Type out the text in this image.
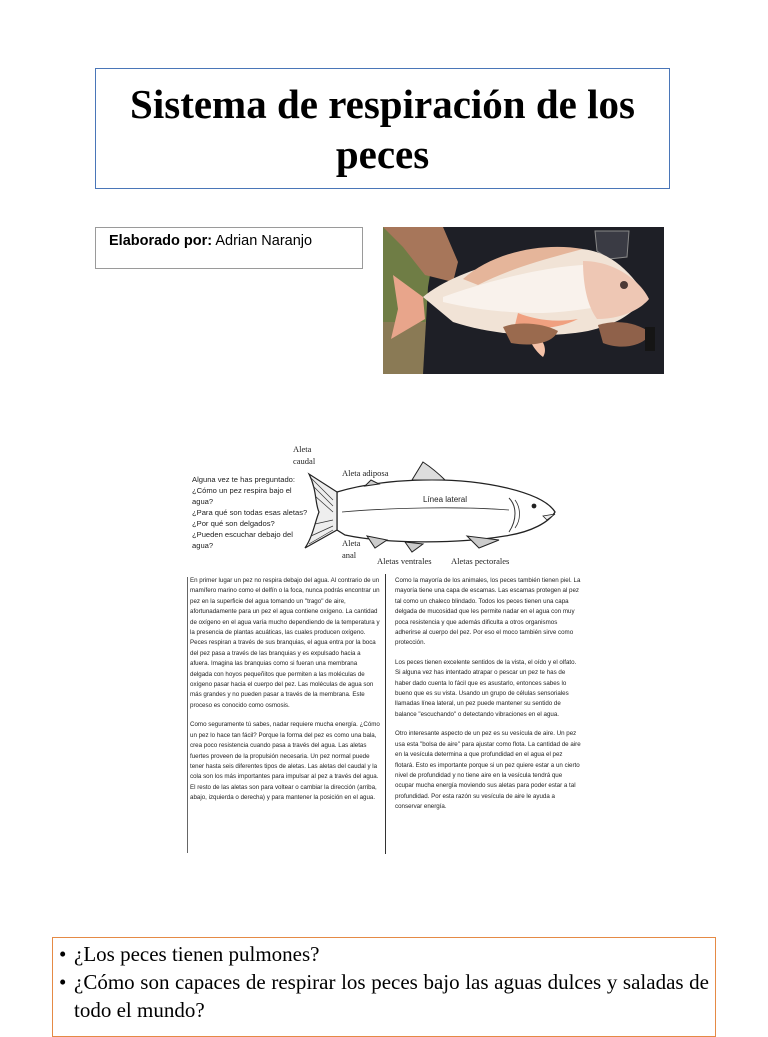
Sistema de respiración de los peces
Elaborado por: Adrian Naranjo
Aleta
caudal
Aleta adiposa
Línea lateral
Aleta
anal
Aletas ventrales Aletas pectorales
Alguna vez te has preguntado:
¿Cómo un pez respira bajo el
agua?
¿Para qué son todas esas aletas?
¿Por qué son delgados?
¿Pueden escuchar debajo del
agua?

En primer lugar un pez no respira debajo del agua. Al contrario de un mamífero marino como el delfín o la foca, nunca podrás encontrar un pez en la superficie del agua tomando un "trago" de aire, afortunadamente para un pez el agua contiene oxígeno. La cantidad de oxígeno en el agua varía mucho dependiendo de la temperatura y la presencia de plantas acuáticas, las cuales producen oxígeno. Peces respiran a través de sus branquias, el agua entra por la boca del pez pasa a través de las branquias y es expulsado hacia a afuera. Imagina las branquias como si fueran una membrana delgada con hoyos pequeñitos que permiten a las moléculas de oxígeno pasar hacia el cuerpo del pez. Las moléculas de agua son más grandes y no pueden pasar a través de la membrana. Este proceso es conocido como osmosis.

Como seguramente tú sabes, nadar requiere mucha energía. ¿Cómo un pez lo hace tan fácil? Porque la forma del pez es como una bala, crea poco resistencia cuando pasa a través del agua. Las aletas fuertes proveen de la propulsión necesaria. Un pez normal puede tener hasta seis diferentes tipos de aletas. Las aletas del caudal y la cola son los más importantes para impulsar al pez a través del agua. El resto de las aletas son para voltear o cambiar la dirección (arriba, abajo, izquierda o derecha) y para mantener la posición en el agua.

Como la mayoría de los animales, los peces también tienen piel. La mayoría tiene una capa de escamas. Las escamas protegen al pez tal como un chaleco blindado. Todos los peces tienen una capa delgada de mucosidad que les permite nadar en el agua con muy poca resistencia y que además dificulta a otros organismos adherirse al cuerpo del pez. Por eso el moco también sirve como protección.

Los peces tienen excelente sentidos de la vista, el oído y el olfato. Si alguna vez has intentado atrapar o pescar un pez te has de haber dado cuenta lo fácil que es asustarlo, entonces sabes lo bueno que es su vista. Usando un grupo de células sensoriales llamadas línea lateral, un pez puede mantener su sentido de balance "escuchando" o detectando vibraciones en el agua.

Otro interesante aspecto de un pez es su vesícula de aire. Un pez usa esta "bolsa de aire" para ajustar como flota. La cantidad de aire en la vesícula determina a que profundidad en el agua el pez flotará. Esto es importante porque si un pez quiere estar a un cierto nivel de profundidad y no tiene aire en la vesícula tendrá que ocupar mucha energía moviendo sus aletas para poder estar a tal profundidad. Por esta razón su vesícula de aire le ayuda a conservar energía.

• ¿Los peces tienen pulmones?
• ¿Cómo son capaces de respirar los peces bajo las aguas dulces y saladas de todo el mundo?
